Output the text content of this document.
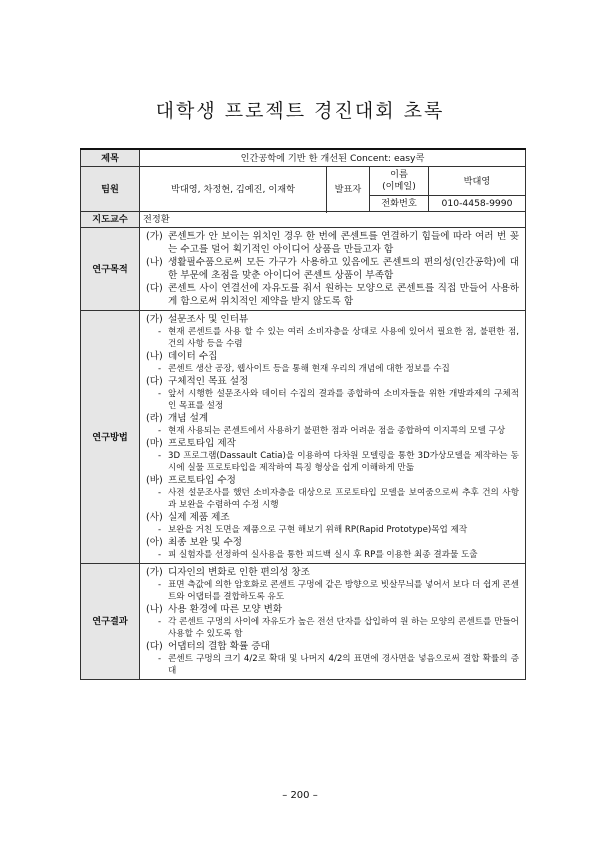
대학생 프로젝트 경진대회 초록
제목	인간공학에 기반 한 개선된 Concent: easy콕
팀원	박대영, 차정현, 김예진, 이재학	발표자	
이름
(이메일)	박대영
전화번호	010-4458-9990

지도교수	전정환
연구목적	
(가) 콘센트가 안 보이는 위치인 경우 한 번에 콘센트를 연결하기 힘들에 따라 여러 번 꽂는 수고를 덜어 획기적인 아이디어 상품을 만들고자 함
(나) 생활필수품으로써 모든 가구가 사용하고 있음에도 콘센트의 편의성(인간공학)에 대한 부문에 초점을 맞춘 아이디어 콘센트 상품이 부족함
(다) 콘센트 사이 연결선에 자유도를 줘서 원하는 모양으로 콘센트를 직접 만들어 사용하게 함으로써 위치적인 제약을 받지 않도록 함

연구방법	
(가) 설문조사 및 인터뷰
- 현재 콘센트를 사용 할 수 있는 여러 소비자층을 상대로 사용에 있어서 필요한 점, 불편한 점, 건의 사항 등을 수렴
(나) 데이터 수집
- 콘센트 생산 공장, 웹사이트 등을 통해 현재 우리의 개념에 대한 정보를 수집
(다) 구체적인 목표 설정
- 앞서 시행한 설문조사와 데이터 수집의 결과를 종합하여 소비자들을 위한 개발과제의 구체적인 목표를 설정
(라) 개념 설계
- 현재 사용되는 콘센트에서 사용하기 불편한 점과 어려운 점을 종합하여 이지콕의 모델 구상
(마) 프로토타입 제작
- 3D 프로그램(Dassault Catia)을 이용하여 다차원 모델링을 통한 3D가상모델을 제작하는 동시에 실물 프로토타입을 제작하여 특징 형상을 쉽게 이해하게 만듦
(바) 프로토타입 수정
- 사전 설문조사를 했던 소비자층을 대상으로 프로토타입 모델을 보여줌으로써 추후 건의 사항과 보완을 수렴하여 수정 시행
(사) 실제 제품 제조
- 보완을 거친 도면을 제품으로 구현 해보기 위해 RP(Rapid Prototype)목업 제작
(아) 최종 보완 및 수정
- 피 실험자를 선정하여 실사용을 통한 피드백 실시 후 RP를 이용한 최종 결과물 도출

연구결과	
(가) 디자인의 변화로 인한 편의성 창조
- 표면 측값에 의한 암호화로 콘센트 구멍에 같은 방향으로 빗살무늬를 넣어서 보다 더 쉽게 콘센트와 어댑터를 결합하도록 유도
(나) 사용 환경에 따른 모양 변화
- 각 콘센트 구멍의 사이에 자유도가 높은 전선 단자를 삽입하여 원 하는 모양의 콘센트를 만들어 사용할 수 있도록 함
(다) 어댑터의 결합 확률 증대
- 콘센트 구멍의 크기 4/2로 확대 및 나머지 4/2의 표면에 경사면을 넣음으로써 결합 확률의 증대
– 200 –
